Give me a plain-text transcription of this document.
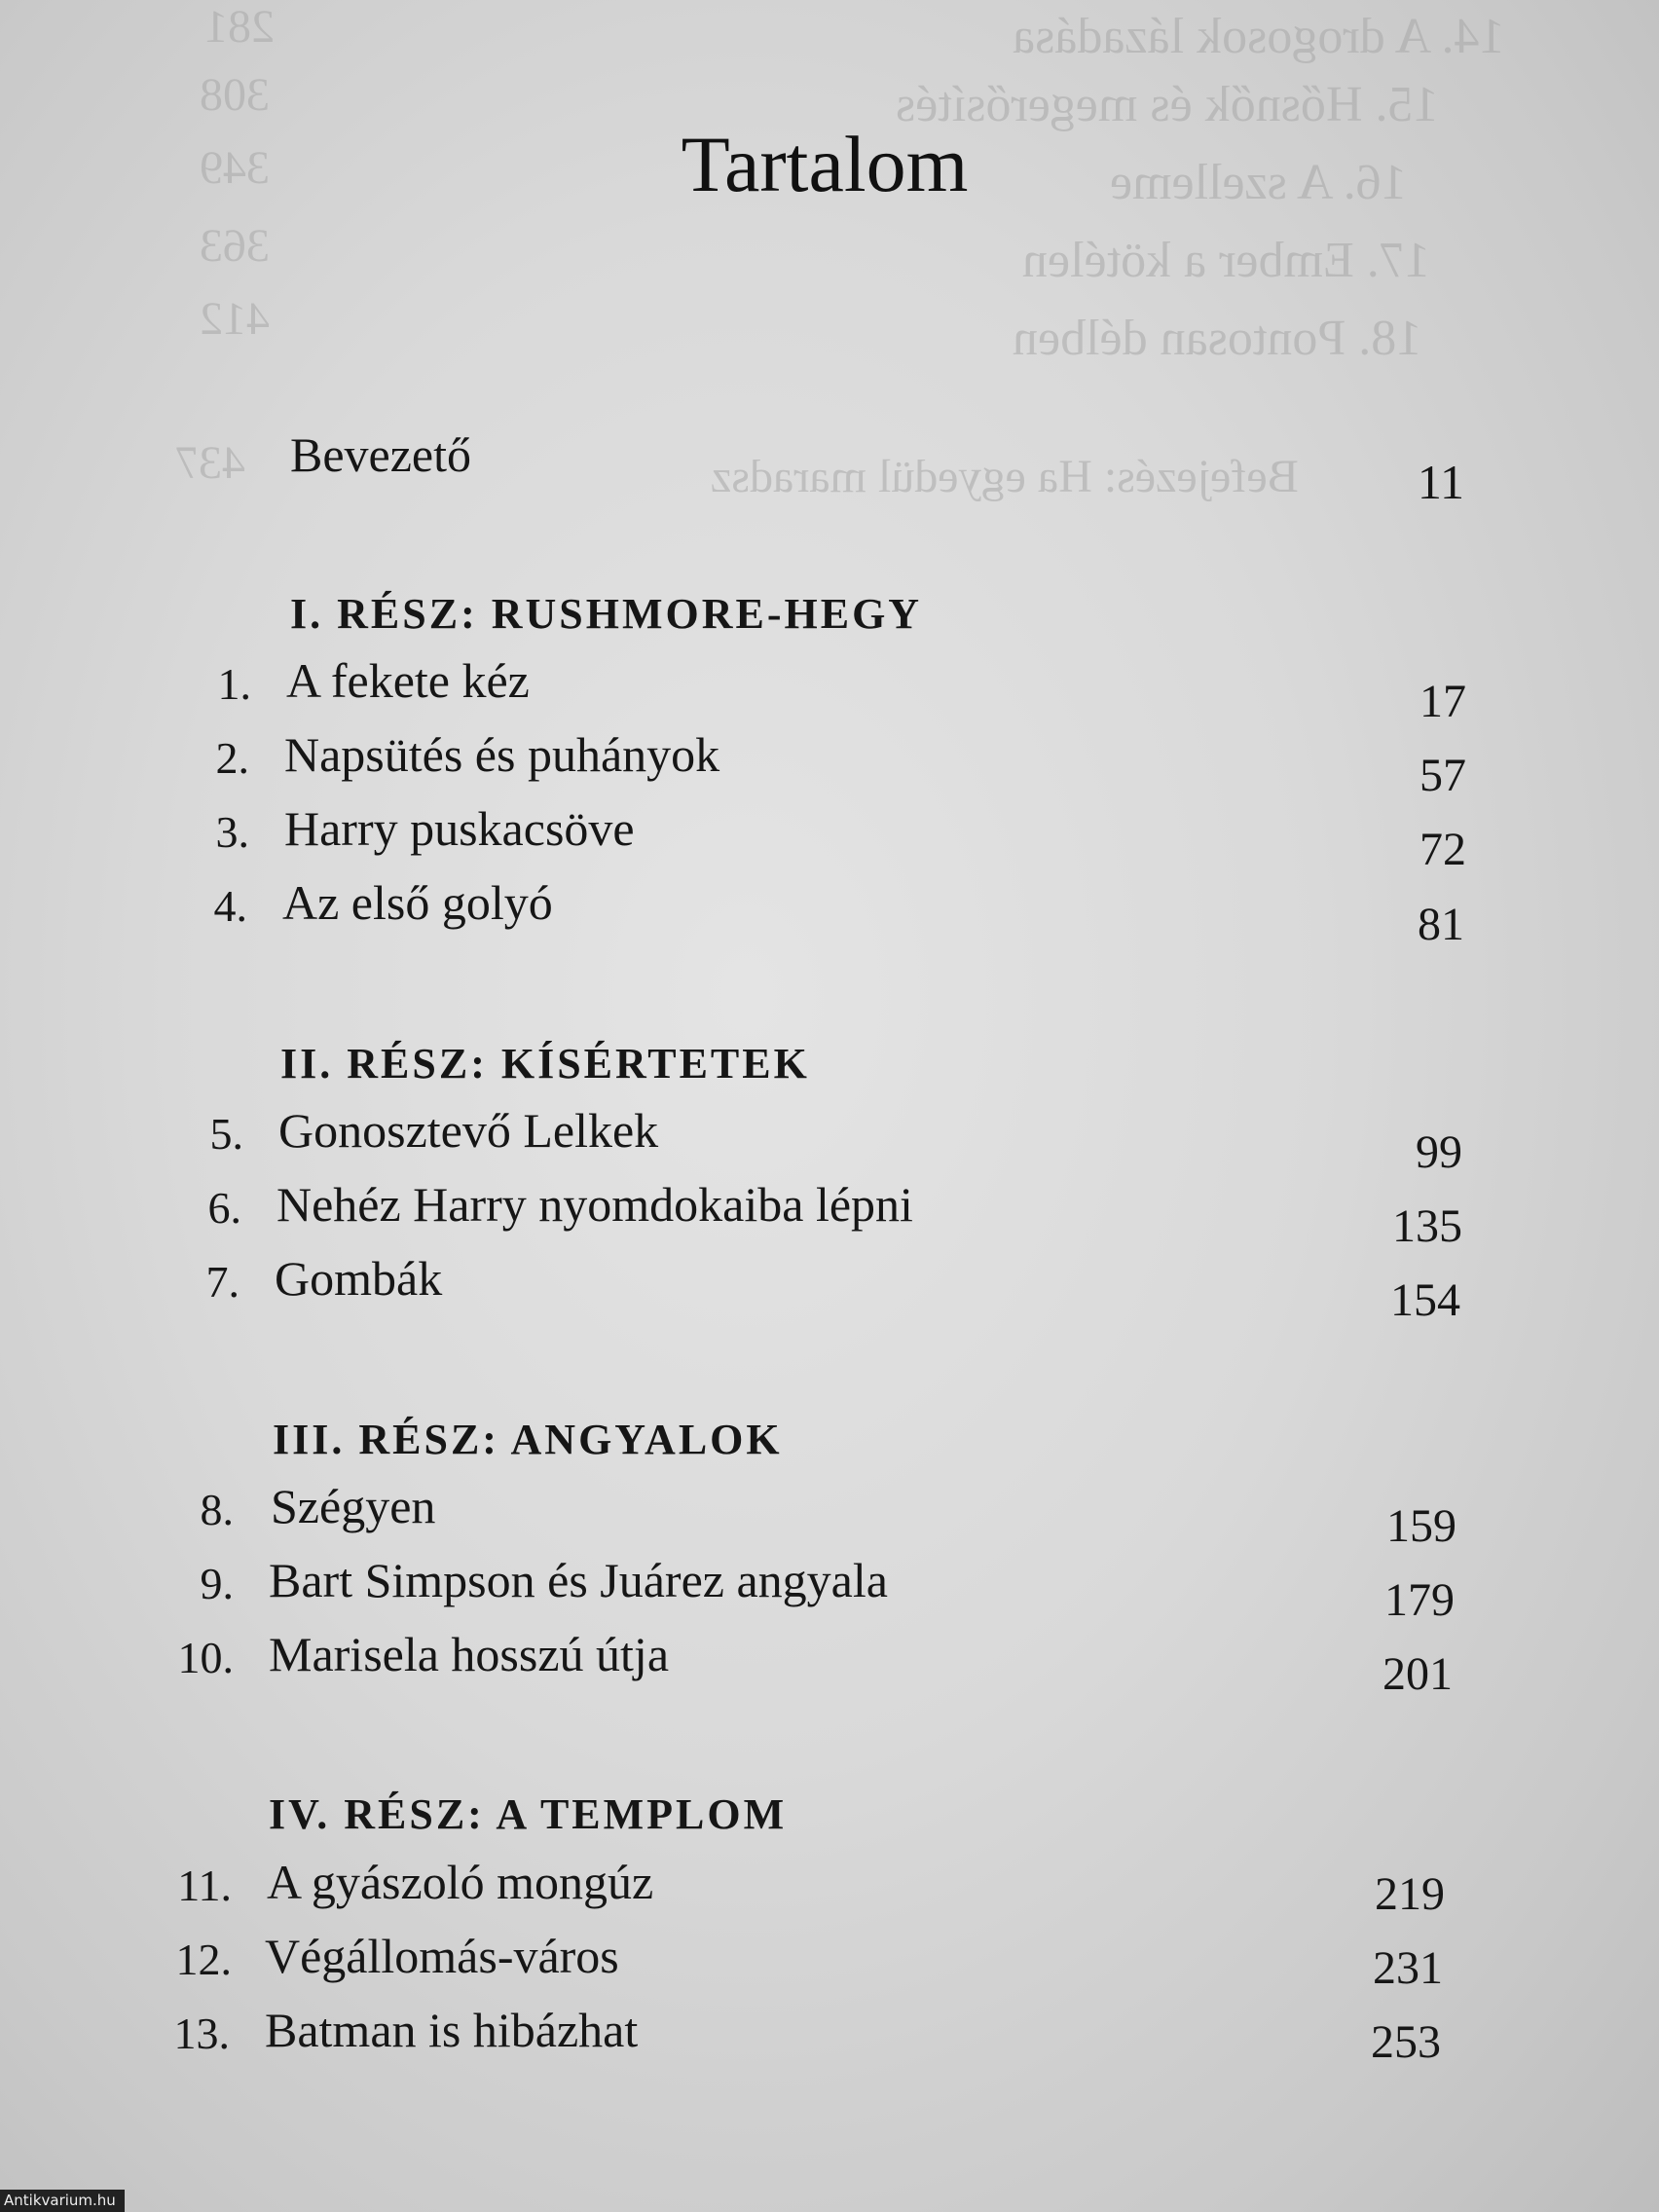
14. A drogosok lázadása
15. Hősnők és megerősítés
16. A szelleme
17. Ember a kötélen
18. Pontosan délben
281
308
349
363
412
Befejezés: Ha egyedül maradsz
437
Tartalom
Bevezető	11
I. RÉSZ: RUSHMORE-HEGY
1. A fekete kéz	17
2. Napsütés és puhányok	57
3. Harry puskacsöve	72
4. Az első golyó	81
II. RÉSZ: KÍSÉRTETEK
5. Gonosztevő Lelkek	99
6. Nehéz Harry nyomdokaiba lépni	135
7. Gombák	154
III. RÉSZ: ANGYALOK
8. Szégyen	159
9. Bart Simpson és Juárez angyala	179
10. Marisela hosszú útja	201
IV. RÉSZ: A TEMPLOM
11. A gyászoló mongúz	219
12. Végállomás-város	231
13. Batman is hibázhat	253
Antikvarium.hu
